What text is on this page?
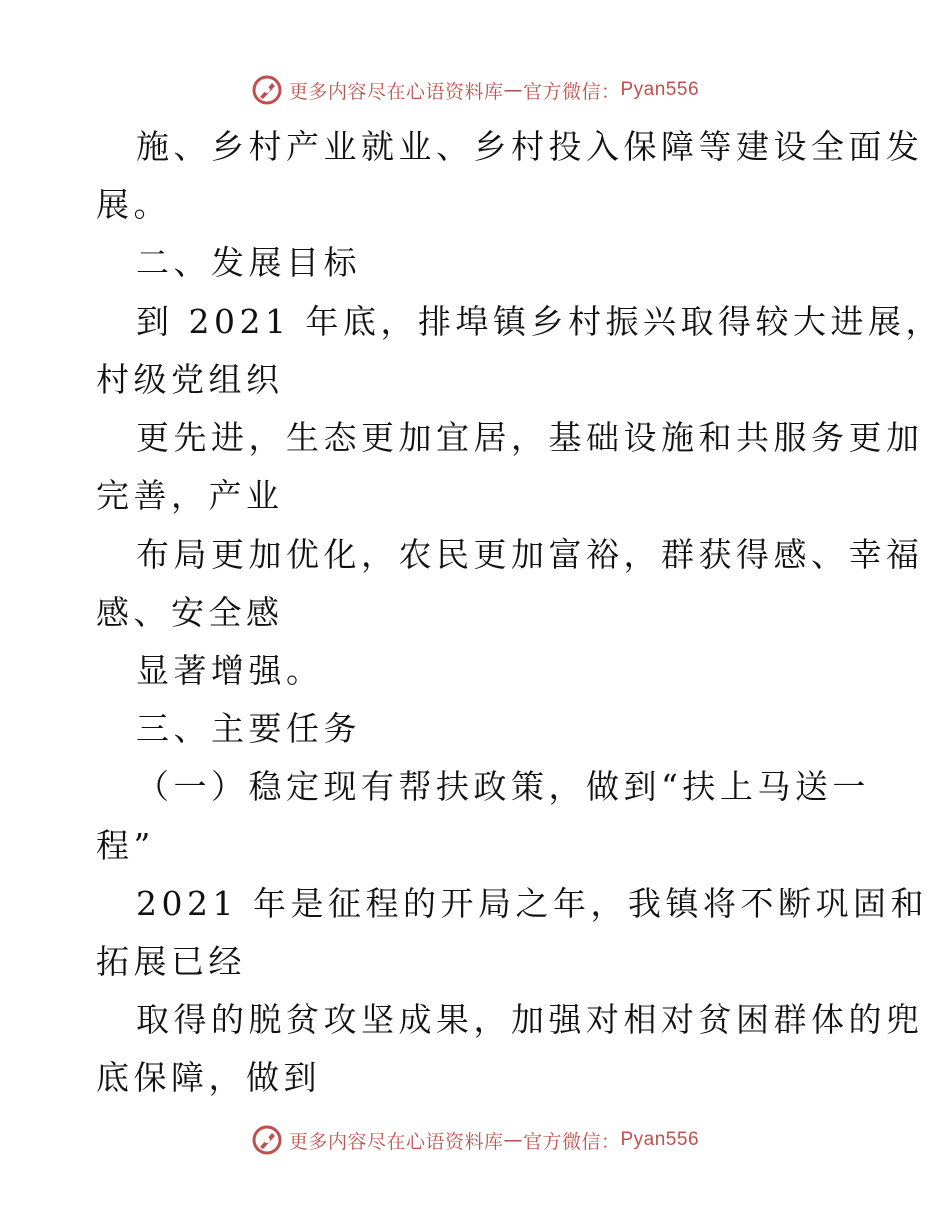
更多内容尽在心语资料库 — 官方微信： Pyan556
施、乡村产业就业、乡村投入保障等建设全面发
展。
二、发展目标
到 2021 年底，排埠镇乡村振兴取得较大进展，
村级党组织
更先进，生态更加宜居，基础设施和共服务更加
完善，产业
布局更加优化，农民更加富裕，群获得感、幸福
感、安全感
显著增强。
三、主要任务
（一）稳定现有帮扶政策，做到“扶上马送一
程”
2021 年是征程的开局之年，我镇将不断巩固和
拓展已经
取得的脱贫攻坚成果，加强对相对贫困群体的兜
底保障，做到
更多内容尽在心语资料库 — 官方微信： Pyan556
